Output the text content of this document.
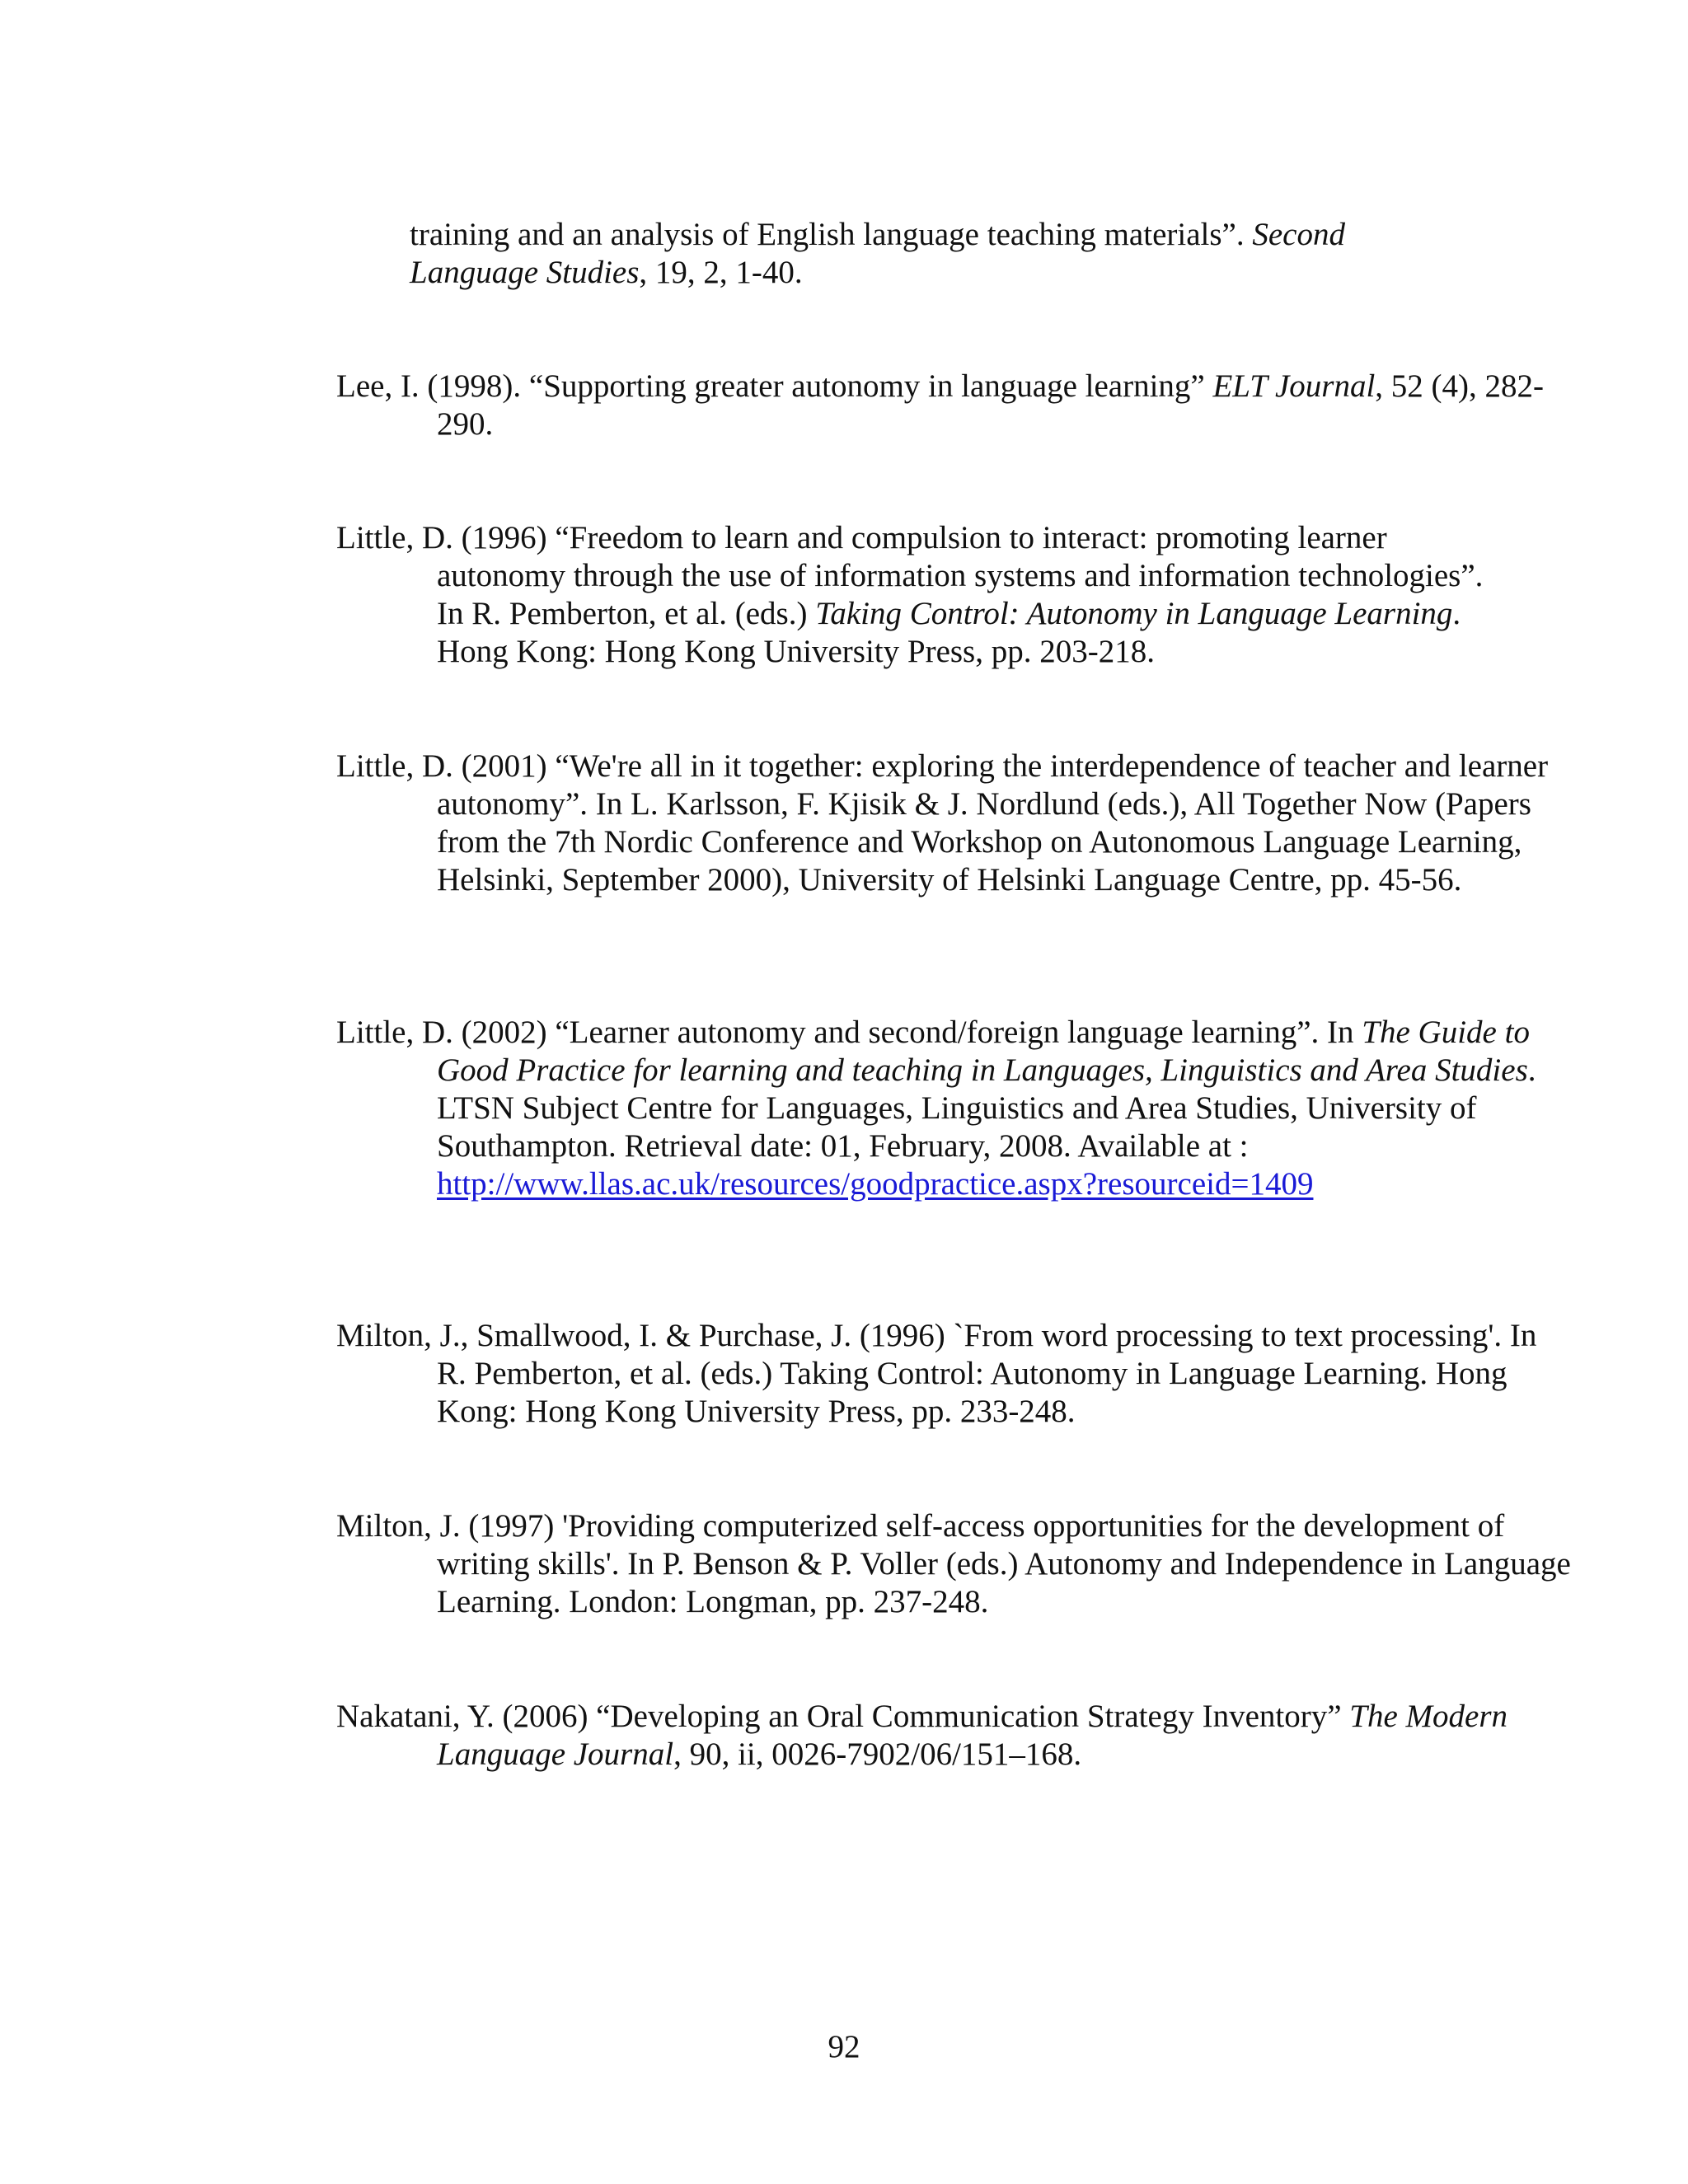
training and an analysis of English language teaching materials”. Second Language Studies, 19, 2, 1-40.

Lee, I. (1998). “Supporting greater autonomy in language learning” ELT Journal, 52 (4), 282-290.

Little, D. (1996) “Freedom to learn and compulsion to interact: promoting learner autonomy through the use of information systems and information technologies”. In R. Pemberton, et al. (eds.) Taking Control: Autonomy in Language Learning. Hong Kong: Hong Kong University Press, pp. 203-218.

Little, D. (2001) “We're all in it together: exploring the interdependence of teacher and learner autonomy”. In L. Karlsson, F. Kjisik & J. Nordlund (eds.), All Together Now (Papers from the 7th Nordic Conference and Workshop on Autonomous Language Learning, Helsinki, September 2000), University of Helsinki Language Centre, pp. 45-56.

Little, D. (2002) “Learner autonomy and second/foreign language learning”. In The Guide to Good Practice for learning and teaching in Languages, Linguistics and Area Studies. LTSN Subject Centre for Languages, Linguistics and Area Studies, University of Southampton. Retrieval date: 01, February, 2008. Available at : http://www.llas.ac.uk/resources/goodpractice.aspx?resourceid=1409

Milton, J., Smallwood, I. & Purchase, J. (1996) `From word processing to text processing'. In R. Pemberton, et al. (eds.) Taking Control: Autonomy in Language Learning. Hong Kong: Hong Kong University Press, pp. 233-248.

Milton, J. (1997) 'Providing computerized self-access opportunities for the development of writing skills'. In P. Benson & P. Voller (eds.) Autonomy and Independence in Language Learning. London: Longman, pp. 237-248.

Nakatani, Y. (2006) “Developing an Oral Communication Strategy Inventory” The Modern Language Journal, 90, ii, 0026-7902/06/151–168.

92
